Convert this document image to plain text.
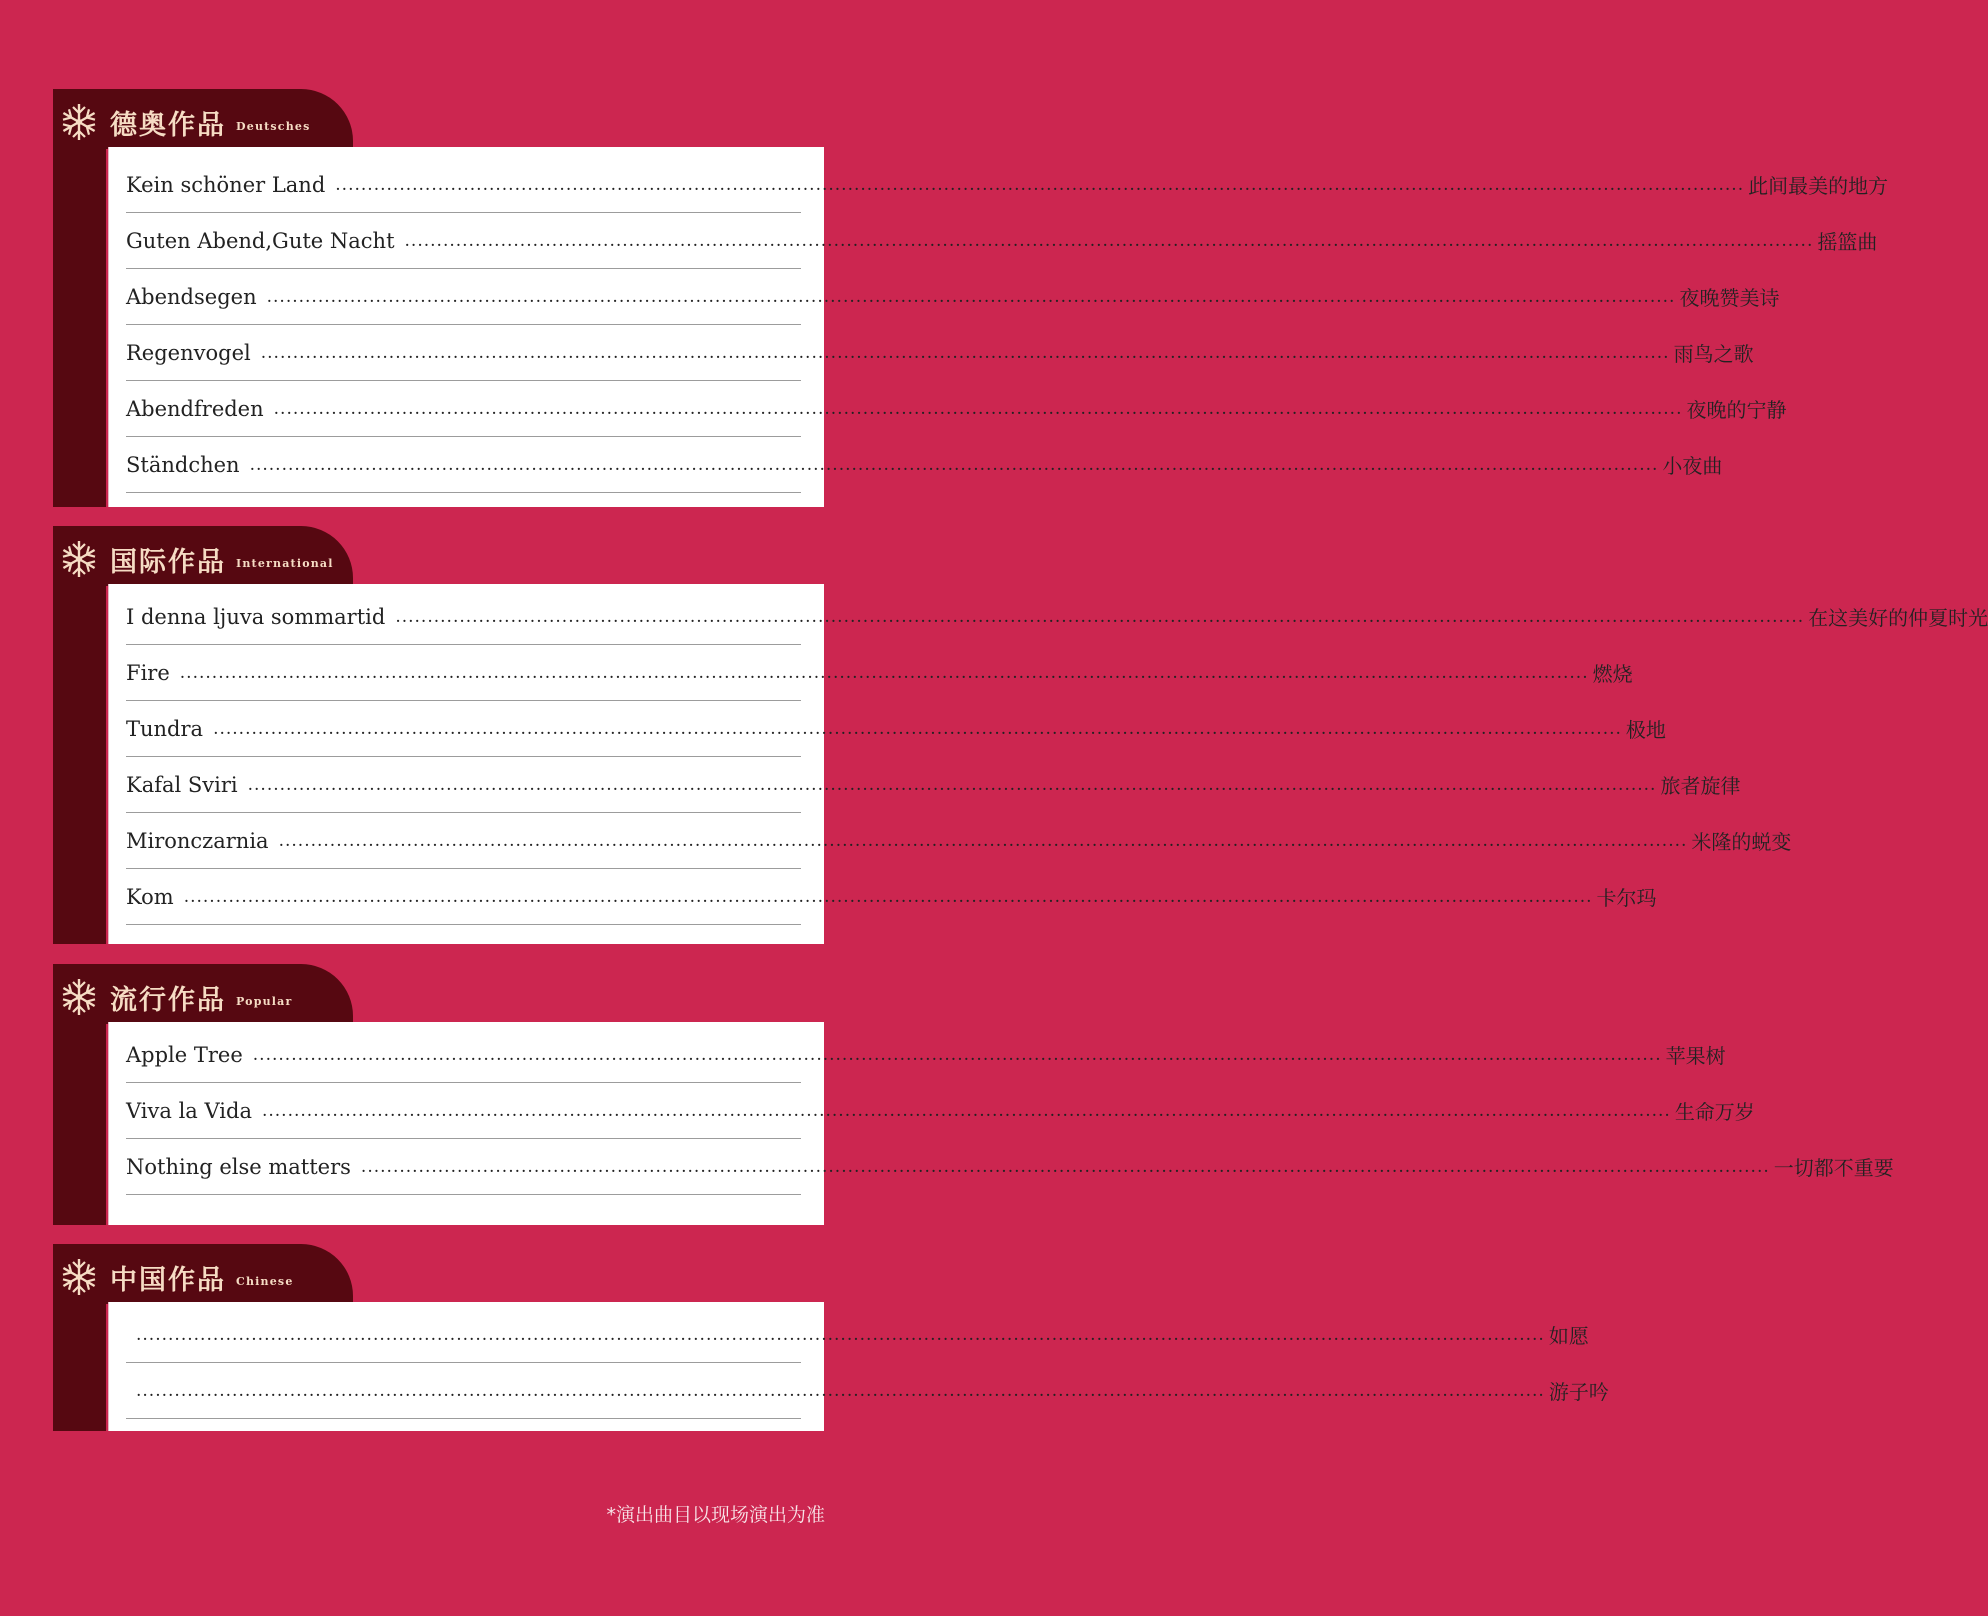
德奥作品 Deutsches
Kein schöner Land ............................................................................................................................................................................................................................ 此间最美的地方
Guten Abend,Gute Nacht ............................................................................................................................................................................................................................ 摇篮曲
Abendsegen ............................................................................................................................................................................................................................ 夜晚赞美诗
Regenvogel ............................................................................................................................................................................................................................ 雨鸟之歌
Abendfreden ............................................................................................................................................................................................................................ 夜晚的宁静
Ständchen ............................................................................................................................................................................................................................ 小夜曲
国际作品 International
I denna ljuva sommartid ............................................................................................................................................................................................................................ 在这美好的仲夏时光
Fire ............................................................................................................................................................................................................................ 燃烧
Tundra ............................................................................................................................................................................................................................ 极地
Kafal Sviri ............................................................................................................................................................................................................................ 旅者旋律
Mironczarnia ............................................................................................................................................................................................................................ 米隆的蜕变
Kom ............................................................................................................................................................................................................................ 卡尔玛
流行作品 Popular
Apple Tree ............................................................................................................................................................................................................................ 苹果树
Viva la Vida ............................................................................................................................................................................................................................ 生命万岁
Nothing else matters ............................................................................................................................................................................................................................ 一切都不重要
中国作品 Chinese
............................................................................................................................................................................................................................ 如愿
............................................................................................................................................................................................................................ 游子吟
*演出曲目以现场演出为准
